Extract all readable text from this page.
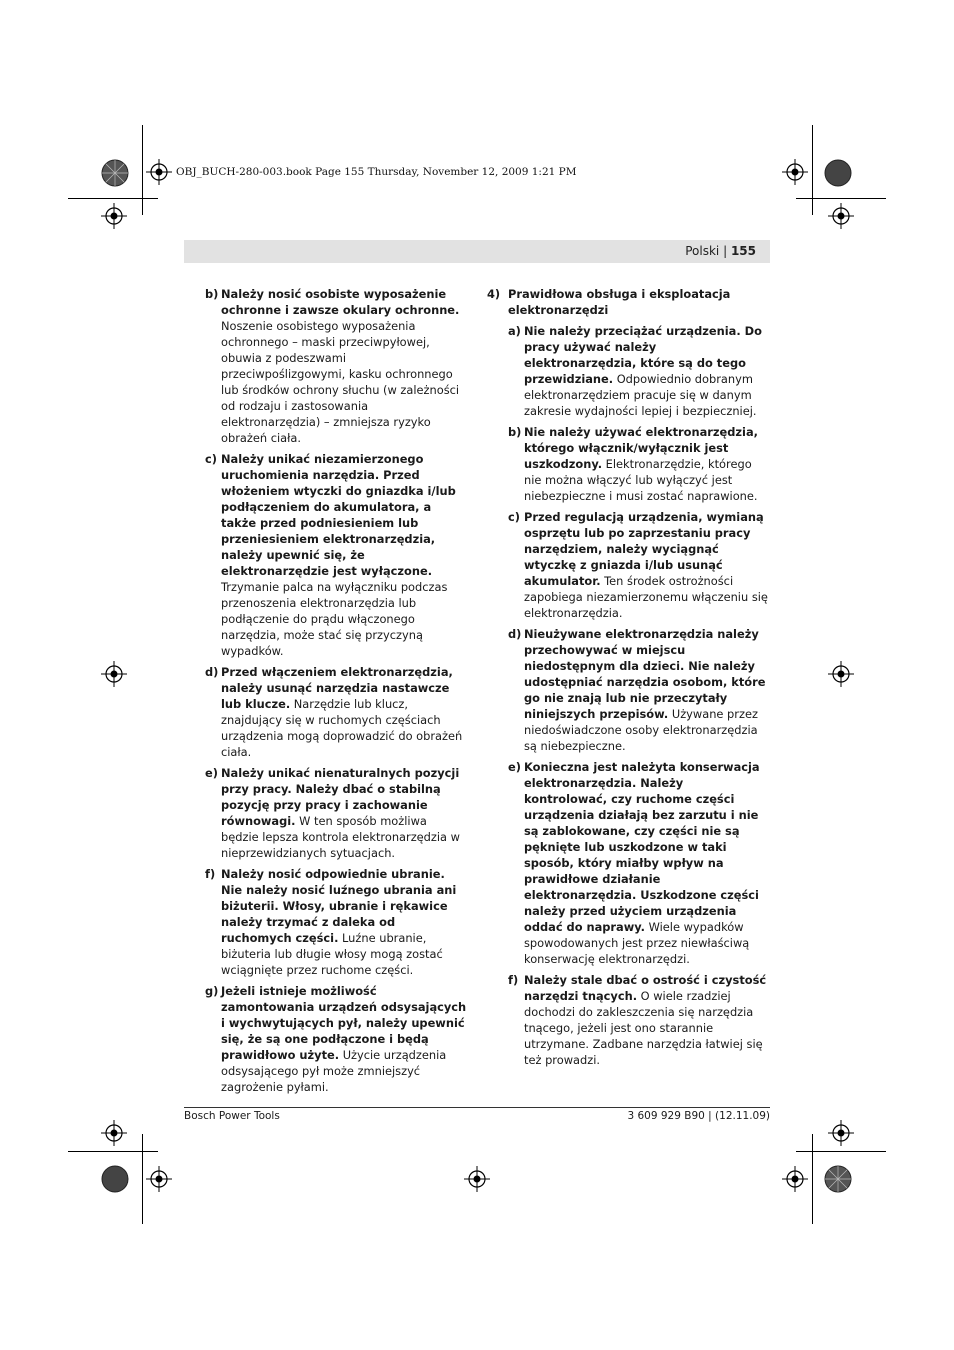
OBJ_BUCH-280-003.book Page 155 Thursday, November 12, 2009 1:21 PM
Polski | 155
b) Należy nosić osobiste wyposażenie ochronne i zawsze okulary ochronne. Noszenie osobistego wyposażenia ochronnego – maski przeciwpyłowej, obuwia z podeszwami przeciwpoślizgowymi, kasku ochronnego lub środków ochrony słuchu (w zależności od rodzaju i zastosowania elektronarzędzia) – zmniejsza ryzyko obrażeń ciała.
c) Należy unikać niezamierzonego uruchomienia narzędzia. Przed włożeniem wtyczki do gniazdka i/lub podłączeniem do akumulatora, a także przed podniesieniem lub przeniesieniem elektronarzędzia, należy upewnić się, że elektronarzędzie jest wyłączone. Trzymanie palca na wyłączniku podczas przenoszenia elektronarzędzia lub podłączenie do prądu włączonego narzędzia, może stać się przyczyną wypadków.
d) Przed włączeniem elektronarzędzia, należy usunąć narzędzia nastawcze lub klucze. Narzędzie lub klucz, znajdujący się w ruchomych częściach urządzenia mogą doprowadzić do obrażeń ciała.
e) Należy unikać nienaturalnych pozycji przy pracy. Należy dbać o stabilną pozycję przy pracy i zachowanie równowagi. W ten sposób możliwa będzie lepsza kontrola elektronarzędzia w nieprzewidzianych sytuacjach.
f) Należy nosić odpowiednie ubranie. Nie należy nosić luźnego ubrania ani biżuterii. Włosy, ubranie i rękawice należy trzymać z daleka od ruchomych części. Luźne ubranie, biżuteria lub długie włosy mogą zostać wciągnięte przez ruchome części.
g) Jeżeli istnieje możliwość zamontowania urządzeń odsysających i wychwytujących pył, należy upewnić się, że są one podłączone i będą prawidłowo użyte. Użycie urządzenia odsysającego pył może zmniejszyć zagrożenie pyłami.
4) Prawidłowa obsługa i eksploatacja elektronarzędzi
a) Nie należy przeciążać urządzenia. Do pracy używać należy elektronarzędzia, które są do tego przewidziane. Odpowiednio dobranym elektronarzędziem pracuje się w danym zakresie wydajności lepiej i bezpieczniej.
b) Nie należy używać elektronarzędzia, którego włącznik/wyłącznik jest uszkodzony. Elektronarzędzie, którego nie można włączyć lub wyłączyć jest niebezpieczne i musi zostać naprawione.
c) Przed regulacją urządzenia, wymianą osprzętu lub po zaprzestaniu pracy narzędziem, należy wyciągnąć wtyczkę z gniazda i/lub usunąć akumulator. Ten środek ostrożności zapobiega niezamierzonemu włączeniu się elektronarzędzia.
d) Nieużywane elektronarzędzia należy przechowywać w miejscu niedostępnym dla dzieci. Nie należy udostępniać narzędzia osobom, które go nie znają lub nie przeczytały niniejszych przepisów. Używane przez niedoświadczone osoby elektronarzędzia są niebezpieczne.
e) Konieczna jest należyta konserwacja elektronarzędzia. Należy kontrolować, czy ruchome części urządzenia działają bez zarzutu i nie są zablokowane, czy części nie są pęknięte lub uszkodzone w taki sposób, który miałby wpływ na prawidłowe działanie elektronarzędzia. Uszkodzone części należy przed użyciem urządzenia oddać do naprawy. Wiele wypadków spowodowanych jest przez niewłaściwą konserwację elektronarzędzi.
f) Należy stale dbać o ostrość i czystość narzędzi tnących. O wiele rzadziej dochodzi do zakleszczenia się narzędzia tnącego, jeżeli jest ono starannie utrzymane. Zadbane narzędzia łatwiej się też prowadzi.
Bosch Power Tools	3 609 929 B90 | (12.11.09)
